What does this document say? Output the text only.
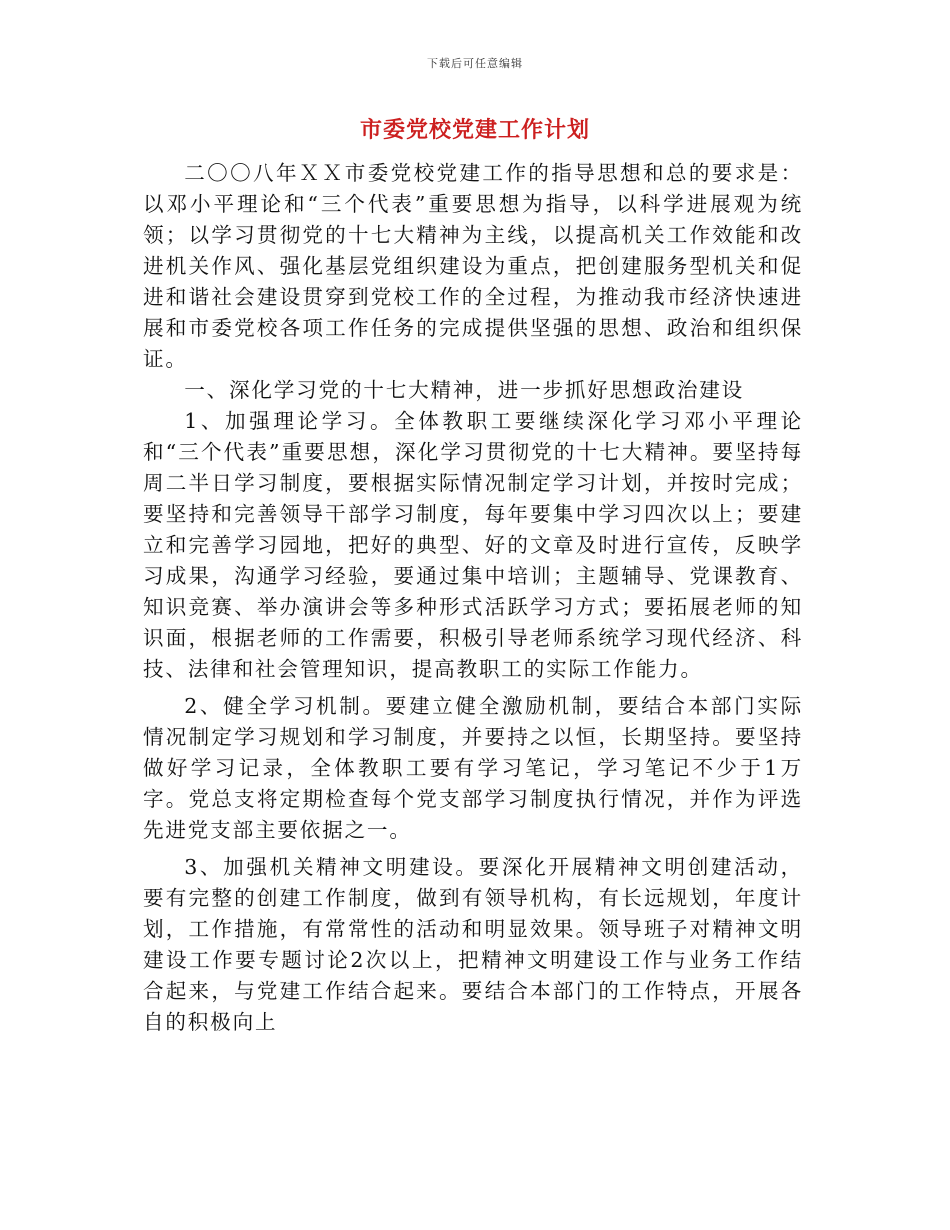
下载后可任意编辑
市委党校党建工作计划

二〇〇八年ＸＸ市委党校党建工作的指导思想和总的要求是：以邓小平理论和“三个代表”重要思想为指导，以科学进展观为统领；以学习贯彻党的十七大精神为主线，以提高机关工作效能和改进机关作风、强化基层党组织建设为重点，把创建服务型机关和促进和谐社会建设贯穿到党校工作的全过程，为推动我市经济快速进展和市委党校各项工作任务的完成提供坚强的思想、政治和组织保证。

一、深化学习党的十七大精神，进一步抓好思想政治建设

1、加强理论学习。全体教职工要继续深化学习邓小平理论和“三个代表”重要思想，深化学习贯彻党的十七大精神。要坚持每周二半日学习制度，要根据实际情况制定学习计划，并按时完成；要坚持和完善领导干部学习制度，每年要集中学习四次以上；要建立和完善学习园地，把好的典型、好的文章及时进行宣传，反映学习成果，沟通学习经验，要通过集中培训；主题辅导、党课教育、知识竞赛、举办演讲会等多种形式活跃学习方式；要拓展老师的知识面，根据老师的工作需要，积极引导老师系统学习现代经济、科技、法律和社会管理知识，提高教职工的实际工作能力。

2、健全学习机制。要建立健全激励机制，要结合本部门实际情况制定学习规划和学习制度，并要持之以恒，长期坚持。要坚持做好学习记录，全体教职工要有学习笔记，学习笔记不少于1万字。党总支将定期检查每个党支部学习制度执行情况，并作为评选先进党支部主要依据之一。

3、加强机关精神文明建设。要深化开展精神文明创建活动，要有完整的创建工作制度，做到有领导机构，有长远规划，年度计划，工作措施，有常常性的活动和明显效果。领导班子对精神文明建设工作要专题讨论2次以上，把精神文明建设工作与业务工作结合起来，与党建工作结合起来。要结合本部门的工作特点，开展各自的积极向上
